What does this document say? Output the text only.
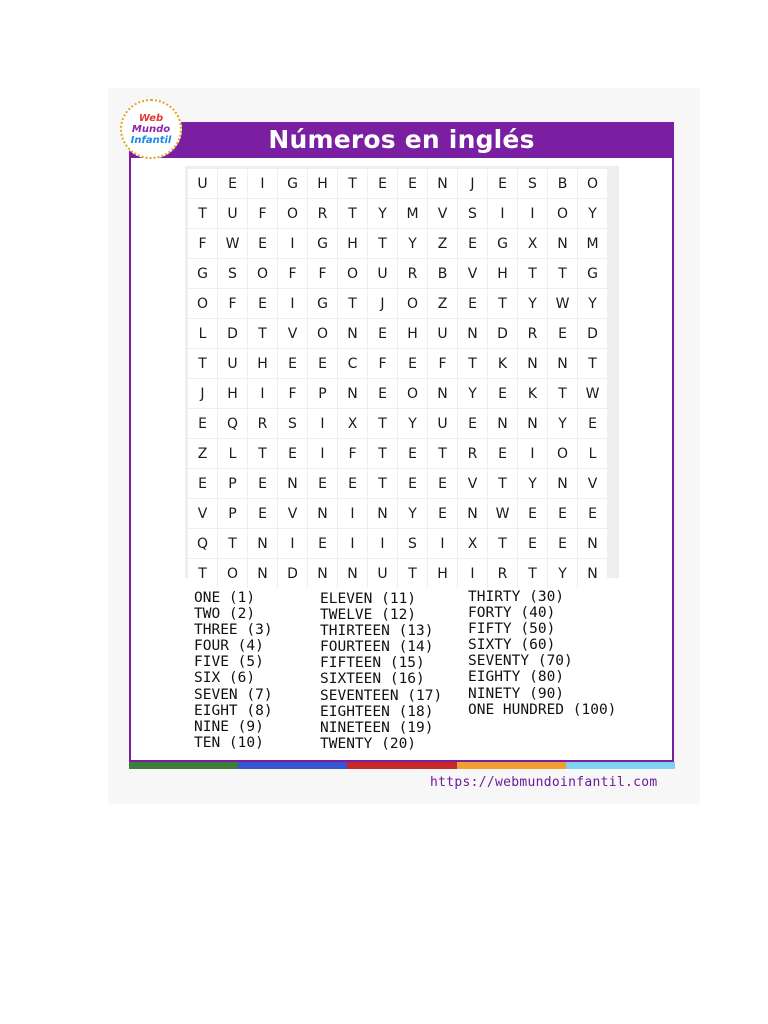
Números en inglés
Web
Mundo
Infantil
U	E	I	G	H	T	E	E	N	J	E	S	B	O
T	U	F	O	R	T	Y	M	V	S	I	I	O	Y
F	W	E	I	G	H	T	Y	Z	E	G	X	N	M
G	S	O	F	F	O	U	R	B	V	H	T	T	G
O	F	E	I	G	T	J	O	Z	E	T	Y	W	Y
L	D	T	V	O	N	E	H	U	N	D	R	E	D
T	U	H	E	E	C	F	E	F	T	K	N	N	T
J	H	I	F	P	N	E	O	N	Y	E	K	T	W
E	Q	R	S	I	X	T	Y	U	E	N	N	Y	E
Z	L	T	E	I	F	T	E	T	R	E	I	O	L
E	P	E	N	E	E	T	E	E	V	T	Y	N	V
V	P	E	V	N	I	N	Y	E	N	W	E	E	E
Q	T	N	I	E	I	I	S	I	X	T	E	E	N
T	O	N	D	N	N	U	T	H	I	R	T	Y	N
ONE (1)
TWO (2)
THREE (3)
FOUR (4)
FIVE (5)
SIX (6)
SEVEN (7)
EIGHT (8)
NINE (9)
TEN (10)
ELEVEN (11)
TWELVE (12)
THIRTEEN (13)
FOURTEEN (14)
FIFTEEN (15)
SIXTEEN (16)
SEVENTEEN (17)
EIGHTEEN (18)
NINETEEN (19)
TWENTY (20)
THIRTY (30)
FORTY (40)
FIFTY (50)
SIXTY (60)
SEVENTY (70)
EIGHTY (80)
NINETY (90)
ONE HUNDRED (100)
https://webmundoinfantil.com
